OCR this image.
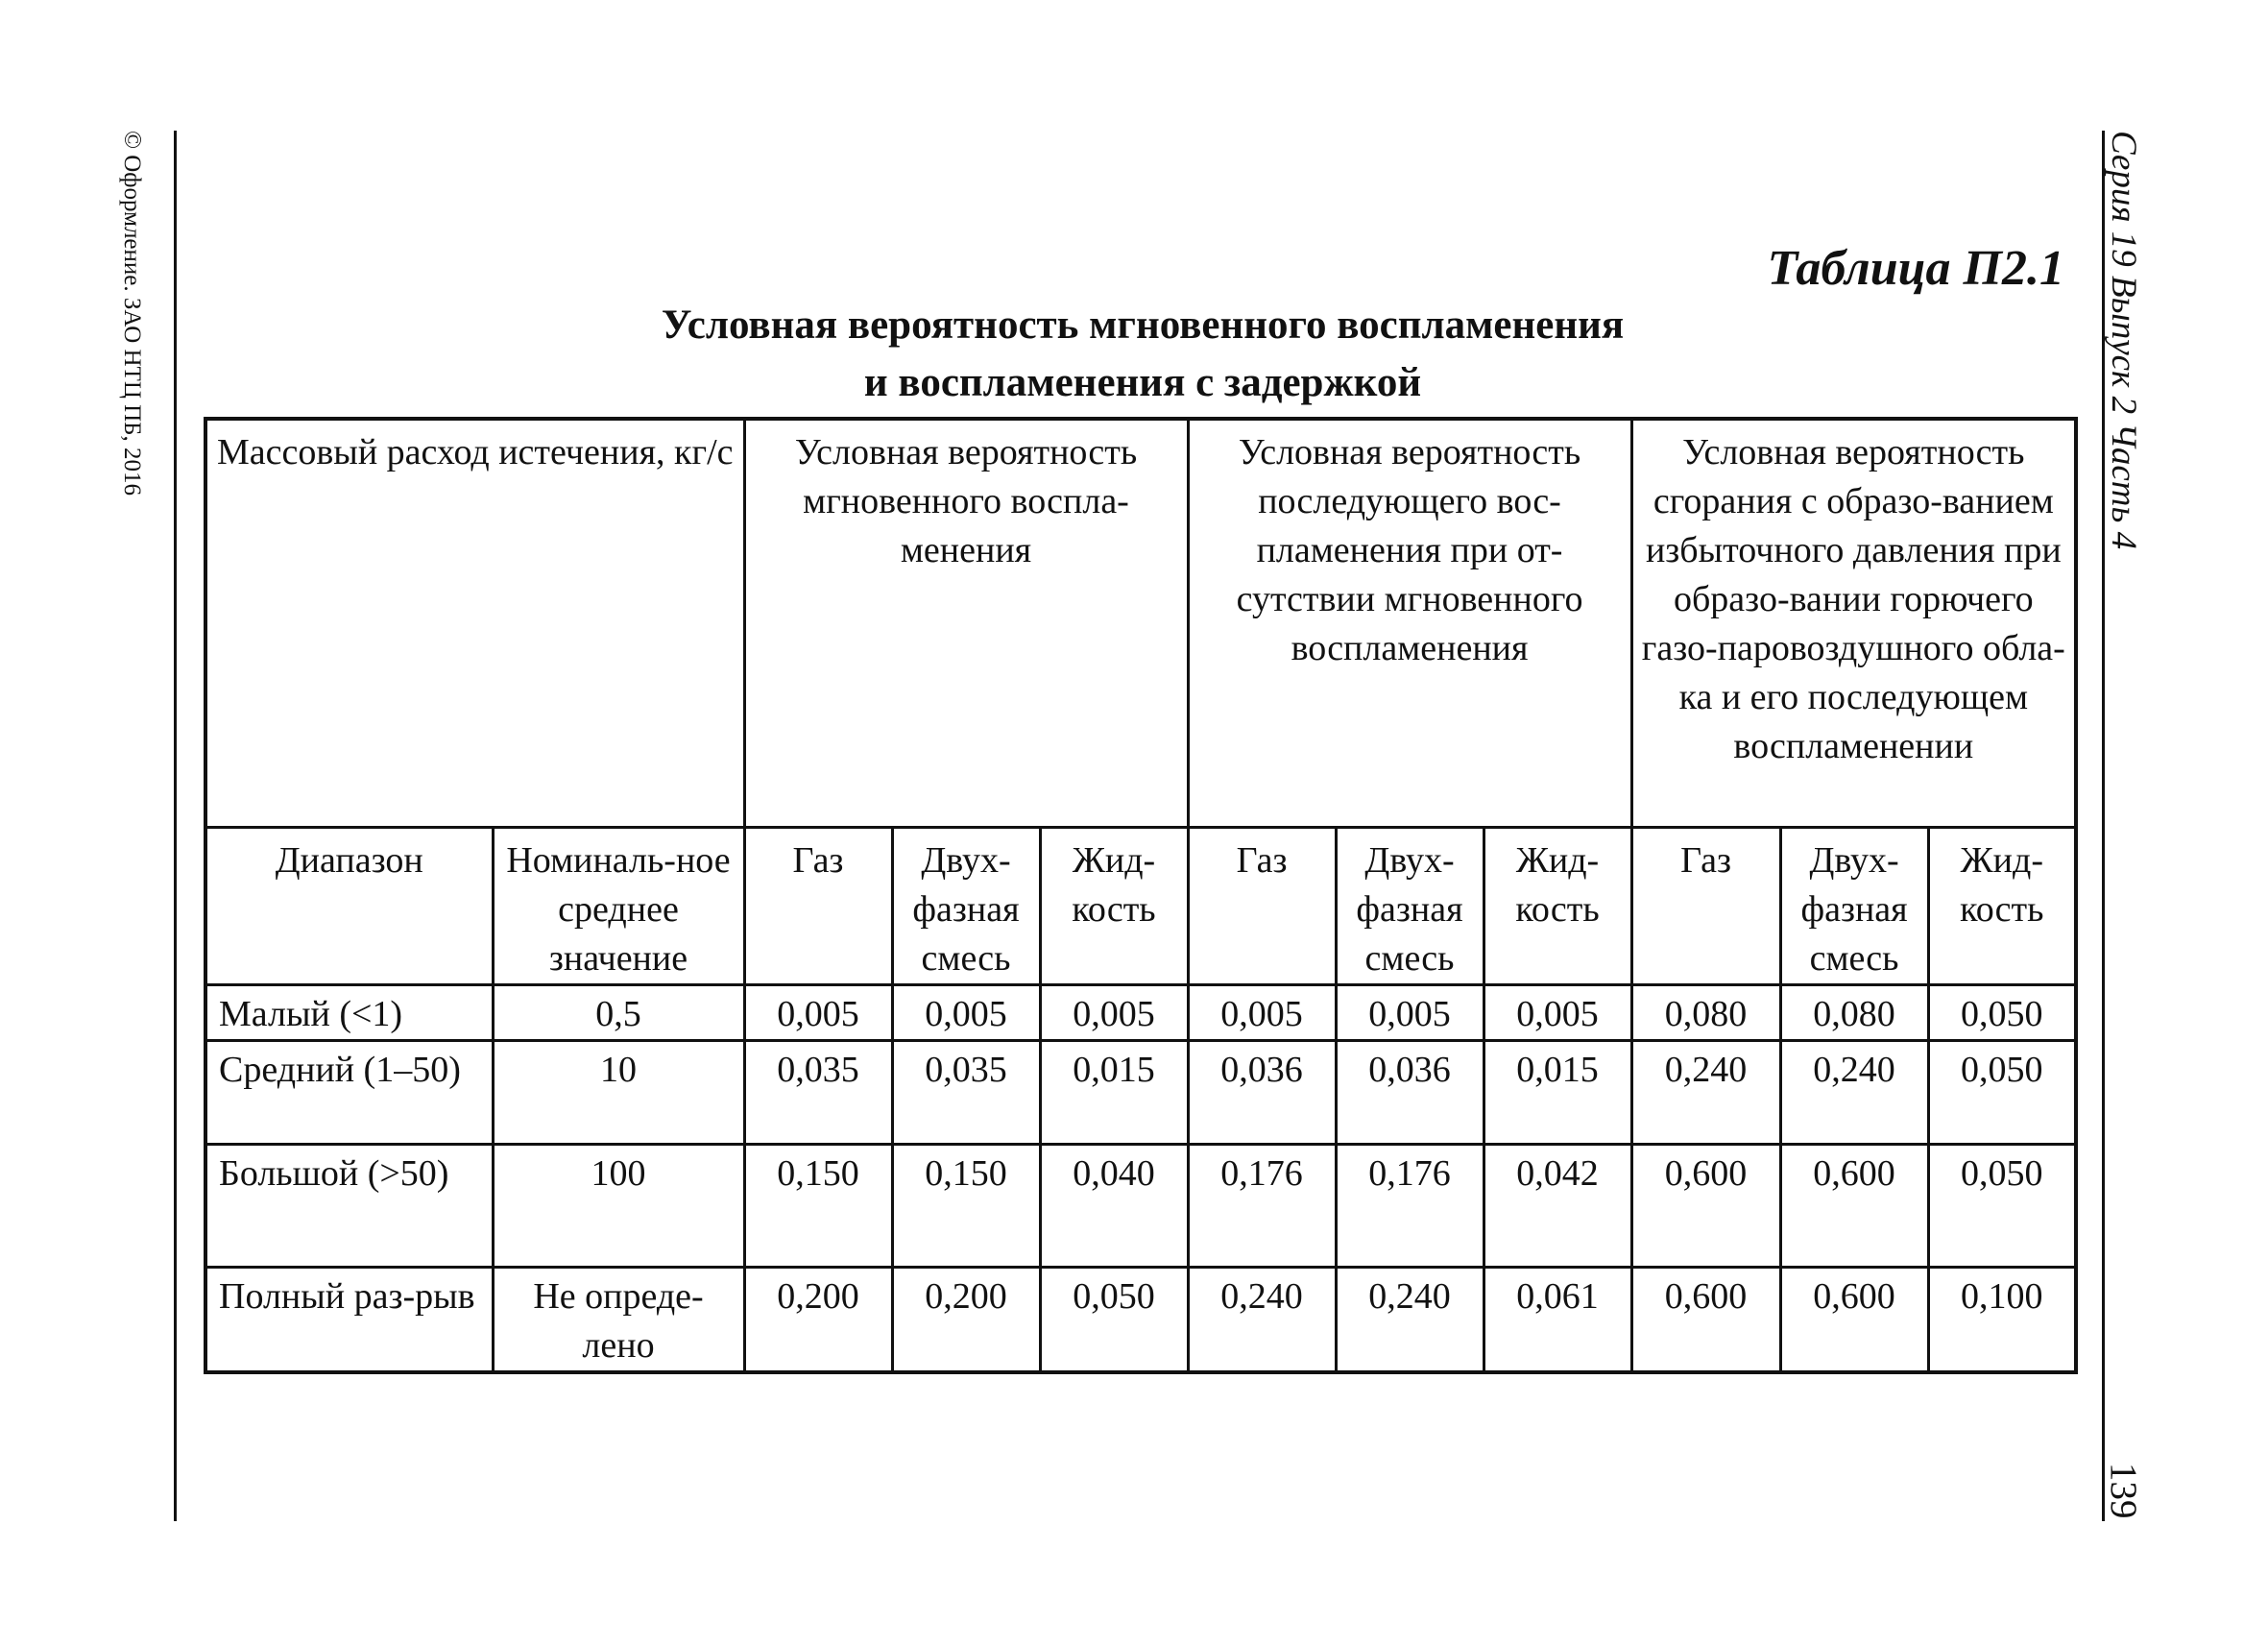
© Оформление. ЗАО НТЦ ПБ, 2016	Серия 19 Выпуск 2 Часть 4
139
Таблица П2.1
Условная вероятность мгновенного воспламенения
и воспламенения с задержкой
Массовый расход истечения, кг/с		Условная вероятность мгновенного воспла-менения			Условная вероятность последующего вос-пламенения при от-сутствии мгновенного воспламенения			Условная вероятность сгорания с образо-ванием избыточного давления при образо-вании горючего газо-паровоздушного обла-ка и его последующем воспламенении		
Диапазон	Номиналь-ное среднее значение	Газ	Двух-фазная смесь	Жид-кость	Газ	Двух-фазная смесь	Жид-кость	Газ	Двух-фазная смесь	Жид-кость
Малый (<1)	0,5	0,005	0,005	0,005	0,005	0,005	0,005	0,080	0,080	0,050
Средний (1–50)	10	0,035	0,035	0,015	0,036	0,036	0,015	0,240	0,240	0,050
Большой (>50)	100	0,150	0,150	0,040	0,176	0,176	0,042	0,600	0,600	0,050
Полный раз-рыв	Не опреде-лено	0,200	0,200	0,050	0,240	0,240	0,061	0,600	0,600	0,100
